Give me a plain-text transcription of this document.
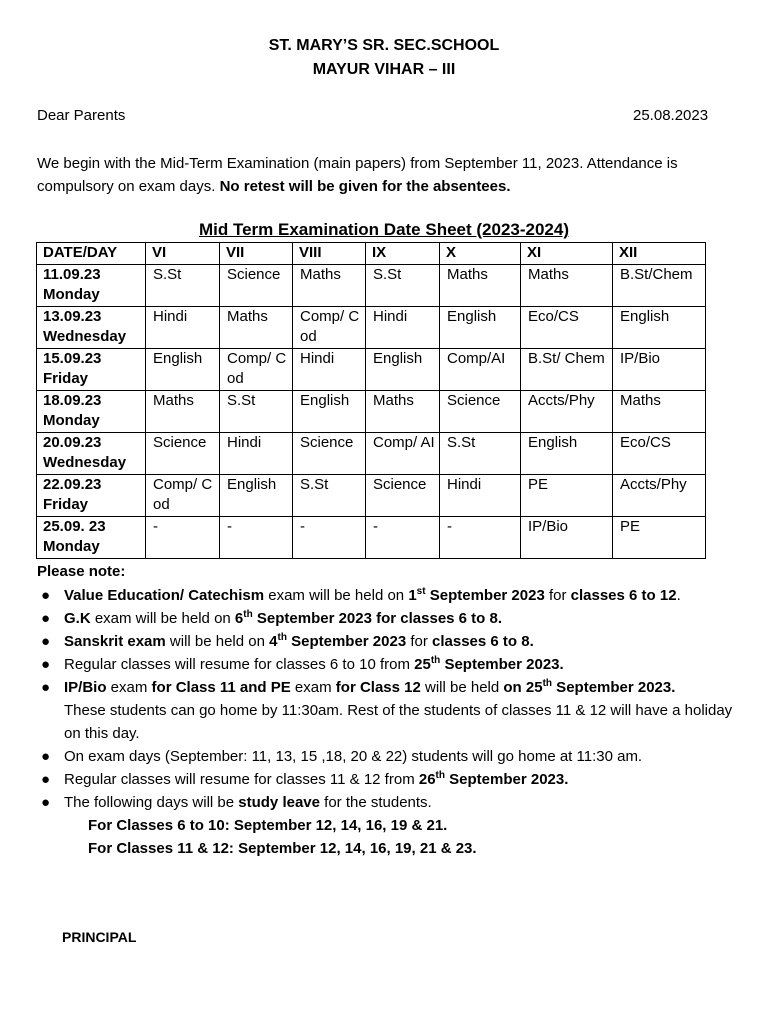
ST. MARY’S SR. SEC.SCHOOL
MAYUR VIHAR – III
Dear Parents	25.08.2023
We begin with the Mid-Term Examination (main papers) from September 11, 2023. Attendance is compulsory on exam days. No retest will be given for the absentees.
Mid Term Examination Date Sheet (2023-2024)
DATE/DAY	VI	VII	VIII	IX	X	XI	XII

11.09.23
Monday	S.St	Science	Maths	S.St	Maths	Maths	B.St/Chem

13.09.23
Wednesday	Hindi	Maths	Comp/ Cod	Hindi	English	Eco/CS	English

15.09.23
Friday	English	Comp/ Cod	Hindi	English	Comp/AI	B.St/ Chem	IP/Bio

18.09.23
Monday	Maths	S.St	English	Maths	Science	Accts/Phy	Maths

20.09.23
Wednesday	Science	Hindi	Science	Comp/ AI	S.St	English	Eco/CS

22.09.23
Friday	Comp/ Cod	English	S.St	Science	Hindi	PE	Accts/Phy

25.09. 23
Monday	-	-	-	-	-	IP/Bio	PE
Please note:
● Value Education/ Catechism exam will be held on 1st September 2023 for classes 6 to 12.
● G.K exam will be held on 6th September 2023 for classes 6 to 8.
● Sanskrit exam will be held on 4th September 2023 for classes 6 to 8.
● Regular classes will resume for classes 6 to 10 from 25th September 2023.
● IP/Bio exam for Class 11 and PE exam for Class 12 will be held on 25th September 2023.
These students can go home by 11:30am. Rest of the students of classes 11 & 12 will have a holiday on this day.
● On exam days (September: 11, 13, 15 ,18, 20 & 22) students will go home at 11:30 am.
● Regular classes will resume for classes 11 & 12 from 26th September 2023.
● The following days will be study leave for the students.
For Classes 6 to 10: September 12, 14, 16, 19 & 21.
For Classes 11 & 12: September 12, 14, 16, 19, 21 & 23.
PRINCIPAL
